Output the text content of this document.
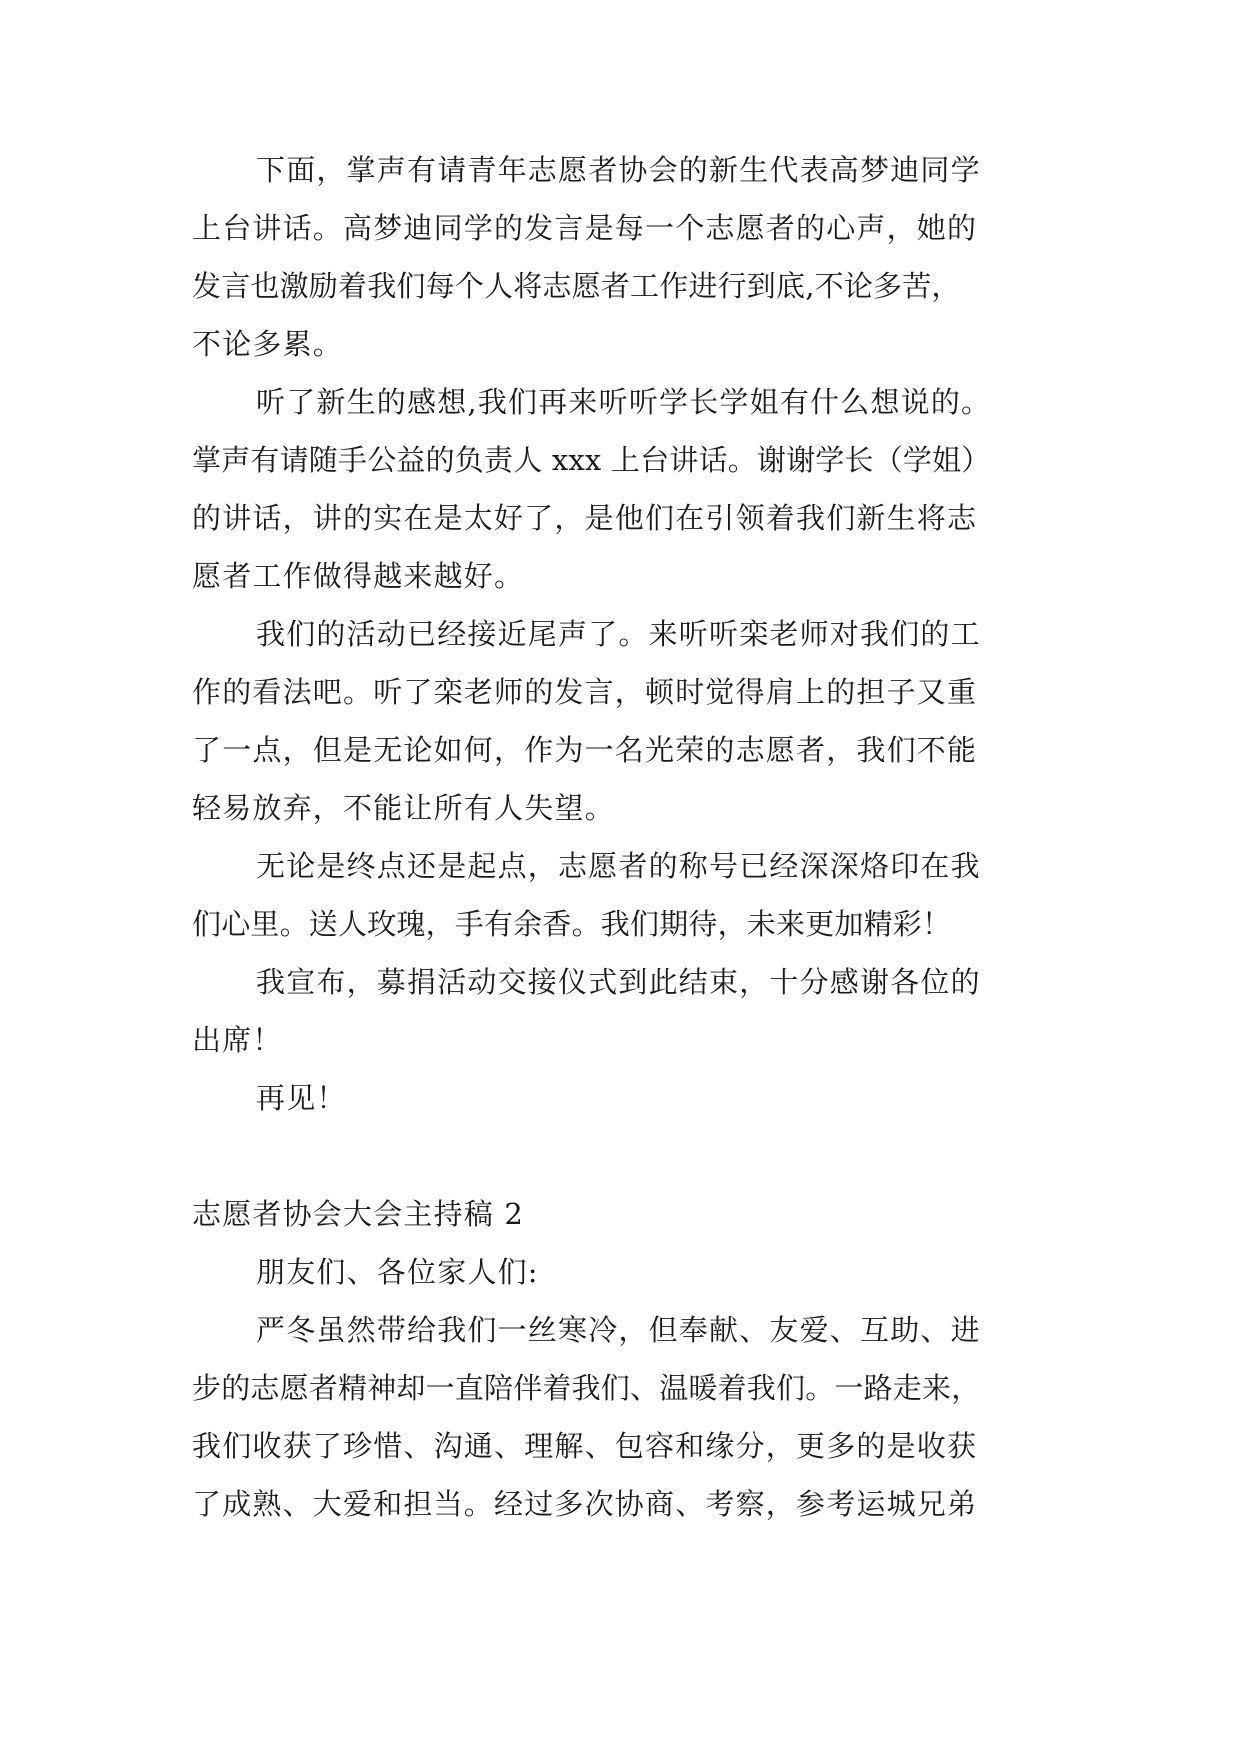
下面，掌声有请青年志愿者协会的新生代表高梦迪同学
上台讲话。高梦迪同学的发言是每一个志愿者的心声，她的
发言也激励着我们每个人将志愿者工作进行到底,不论多苦，
不论多累。
听了新生的感想,我们再来听听学长学姐有什么想说的。
掌声有请随手公益的负责人 xxx 上台讲话。谢谢学长（学姐）
的讲话，讲的实在是太好了，是他们在引领着我们新生将志
愿者工作做得越来越好。
我们的活动已经接近尾声了。来听听栾老师对我们的工
作的看法吧。听了栾老师的发言，顿时觉得肩上的担子又重
了一点，但是无论如何，作为一名光荣的志愿者，我们不能
轻易放弃，不能让所有人失望。
无论是终点还是起点，志愿者的称号已经深深烙印在我
们心里。送人玫瑰，手有余香。我们期待，未来更加精彩！
我宣布，募捐活动交接仪式到此结束，十分感谢各位的
出席！
再见！
志愿者协会大会主持稿 2
朋友们、各位家人们:
严冬虽然带给我们一丝寒冷，但奉献、友爱、互助、进
步的志愿者精神却一直陪伴着我们、温暖着我们。一路走来，
我们收获了珍惜、沟通、理解、包容和缘分，更多的是收获
了成熟、大爱和担当。经过多次协商、考察，参考运城兄弟
